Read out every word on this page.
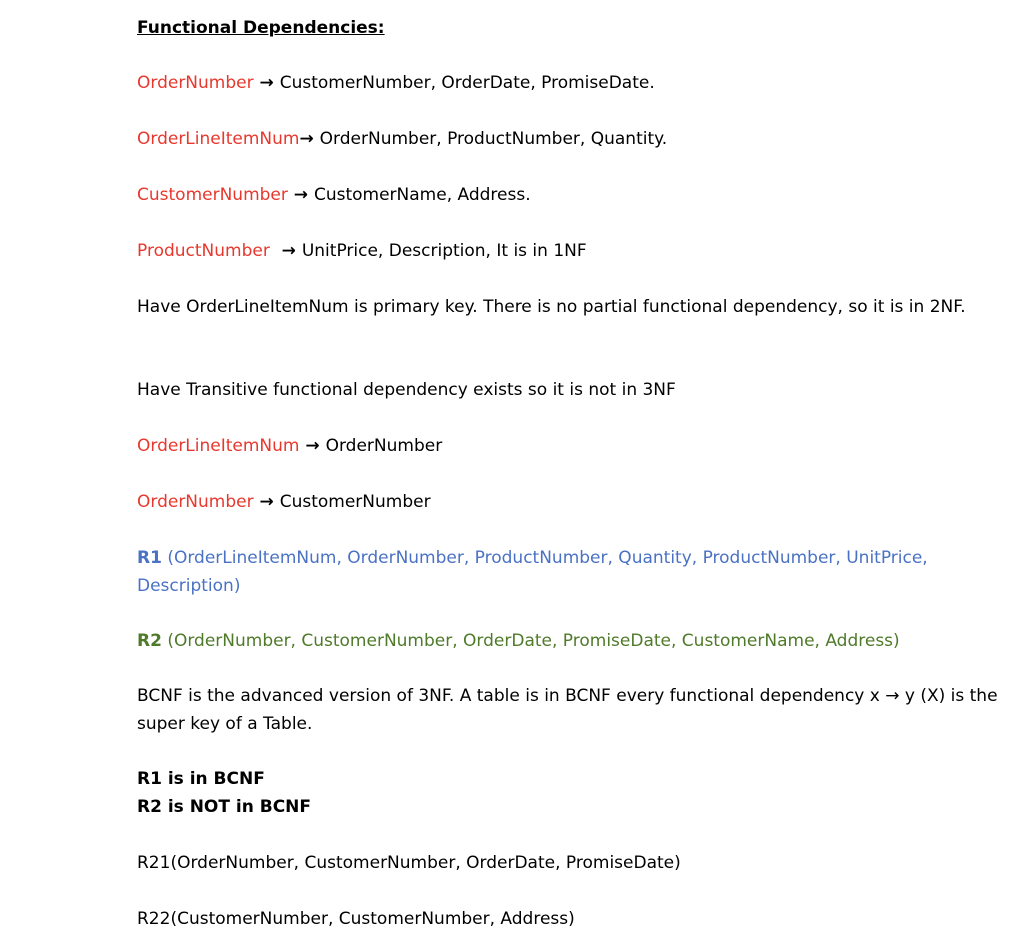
Functional Dependencies:
OrderNumber → CustomerNumber, OrderDate, PromiseDate.
OrderLineItemNum→ OrderNumber, ProductNumber, Quantity.
CustomerNumber → CustomerName, Address.
ProductNumber  → UnitPrice, Description, It is in 1NF
Have OrderLineItemNum is primary key. There is no partial functional dependency, so it is in 2NF.
Have Transitive functional dependency exists so it is not in 3NF
OrderLineItemNum → OrderNumber
OrderNumber → CustomerNumber
R1 (OrderLineItemNum, OrderNumber, ProductNumber, Quantity, ProductNumber, UnitPrice, Description)
R2 (OrderNumber, CustomerNumber, OrderDate, PromiseDate, CustomerName, Address)
BCNF is the advanced version of 3NF. A table is in BCNF every functional dependency x → y (X) is the super key of a Table.
R1 is in BCNF
R2 is NOT in BCNF
R21(OrderNumber, CustomerNumber, OrderDate, PromiseDate)
R22(CustomerNumber, CustomerNumber, Address)
